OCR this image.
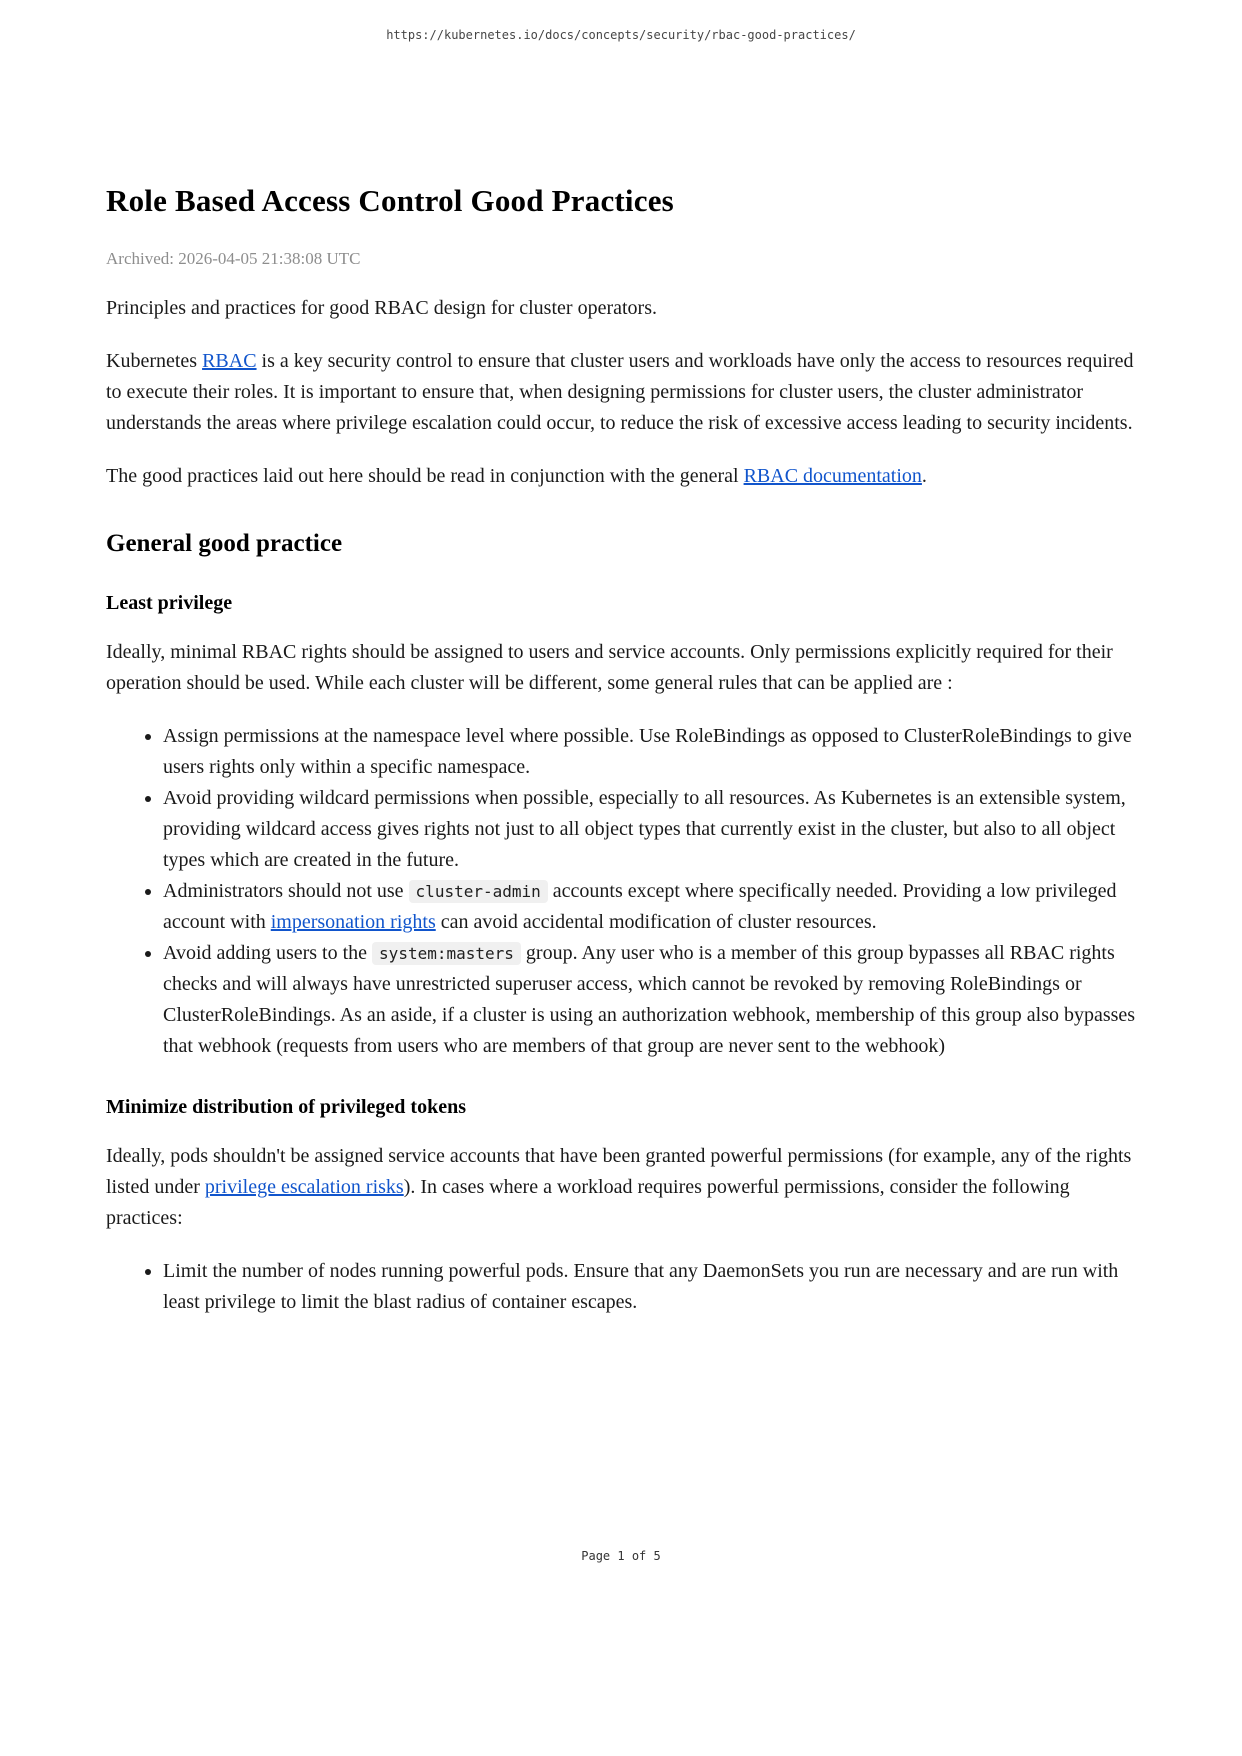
https://kubernetes.io/docs/concepts/security/rbac-good-practices/
Role Based Access Control Good Practices

Archived: 2026-04-05 21:38:08 UTC

Principles and practices for good RBAC design for cluster operators.

Kubernetes RBAC is a key security control to ensure that cluster users and workloads have only the access to resources required to execute their roles. It is important to ensure that, when designing permissions for cluster users, the cluster administrator understands the areas where privilege escalation could occur, to reduce the risk of excessive access leading to security incidents.

The good practices laid out here should be read in conjunction with the general RBAC documentation.

General good practice
Least privilege

Ideally, minimal RBAC rights should be assigned to users and service accounts. Only permissions explicitly required for their operation should be used. While each cluster will be different, some general rules that can be applied are :

• Assign permissions at the namespace level where possible. Use RoleBindings as opposed to ClusterRoleBindings to give users rights only within a specific namespace.
• Avoid providing wildcard permissions when possible, especially to all resources. As Kubernetes is an extensible system, providing wildcard access gives rights not just to all object types that currently exist in the cluster, but also to all object types which are created in the future.
• Administrators should not use cluster-admin accounts except where specifically needed. Providing a low privileged account with impersonation rights can avoid accidental modification of cluster resources.
• Avoid adding users to the system:masters group. Any user who is a member of this group bypasses all RBAC rights checks and will always have unrestricted superuser access, which cannot be revoked by removing RoleBindings or ClusterRoleBindings. As an aside, if a cluster is using an authorization webhook, membership of this group also bypasses that webhook (requests from users who are members of that group are never sent to the webhook)
Minimize distribution of privileged tokens

Ideally, pods shouldn't be assigned service accounts that have been granted powerful permissions (for example, any of the rights listed under privilege escalation risks). In cases where a workload requires powerful permissions, consider the following practices:

• Limit the number of nodes running powerful pods. Ensure that any DaemonSets you run are necessary and are run with least privilege to limit the blast radius of container escapes.
Page 1 of 5
